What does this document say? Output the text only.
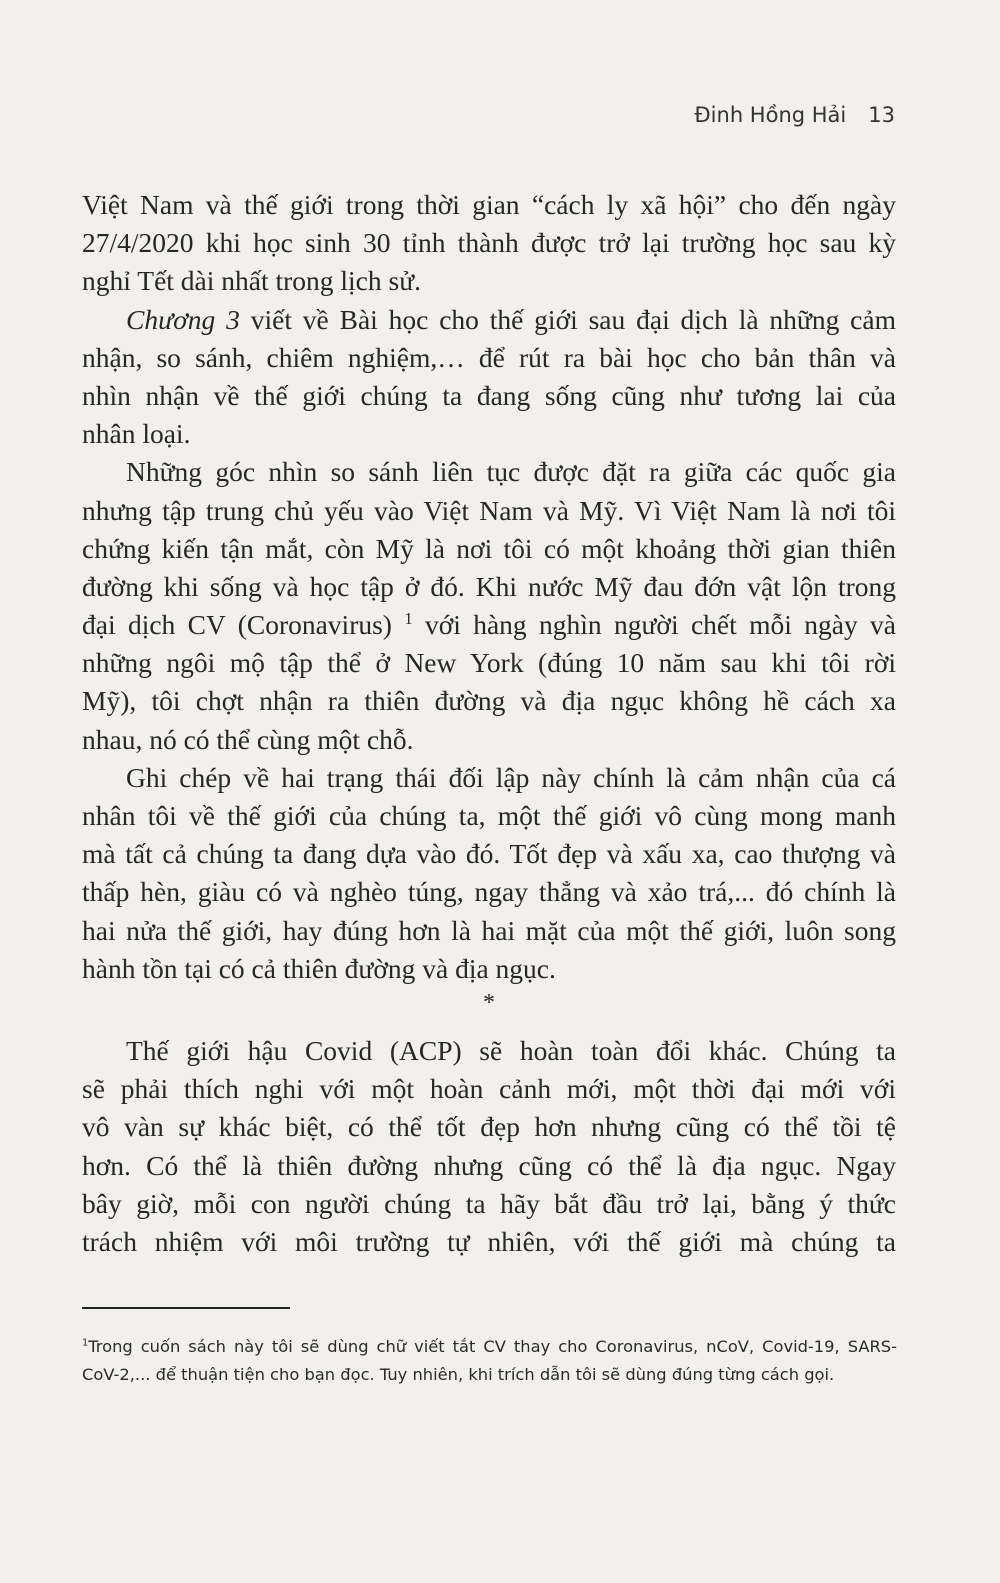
Đinh Hồng Hải 13
Việt Nam và thế giới trong thời gian “cách ly xã hội” cho đến ngày
27/4/2020 khi học sinh 30 tỉnh thành được trở lại trường học sau kỳ
nghỉ Tết dài nhất trong lịch sử.
Chương 3 viết về Bài học cho thế giới sau đại dịch là những cảm
nhận, so sánh, chiêm nghiệm,… để rút ra bài học cho bản thân và
nhìn nhận về thế giới chúng ta đang sống cũng như tương lai của
nhân loại.
Những góc nhìn so sánh liên tục được đặt ra giữa các quốc gia
nhưng tập trung chủ yếu vào Việt Nam và Mỹ. Vì Việt Nam là nơi tôi
chứng kiến tận mắt, còn Mỹ là nơi tôi có một khoảng thời gian thiên
đường khi sống và học tập ở đó. Khi nước Mỹ đau đớn vật lộn trong
đại dịch CV (Coronavirus) $^1$ với hàng nghìn người chết mỗi ngày và
những ngôi mộ tập thể ở New York (đúng 10 năm sau khi tôi rời
Mỹ), tôi chợt nhận ra thiên đường và địa ngục không hề cách xa
nhau, nó có thể cùng một chỗ.
Ghi chép về hai trạng thái đối lập này chính là cảm nhận của cá
nhân tôi về thế giới của chúng ta, một thế giới vô cùng mong manh
mà tất cả chúng ta đang dựa vào đó. Tốt đẹp và xấu xa, cao thượng và
thấp hèn, giàu có và nghèo túng, ngay thẳng và xảo trá,... đó chính là
hai nửa thế giới, hay đúng hơn là hai mặt của một thế giới, luôn song
hành tồn tại có cả thiên đường và địa ngục.
*
Thế giới hậu Covid (ACP) sẽ hoàn toàn đổi khác. Chúng ta
sẽ phải thích nghi với một hoàn cảnh mới, một thời đại mới với
vô vàn sự khác biệt, có thể tốt đẹp hơn nhưng cũng có thể tồi tệ
hơn. Có thể là thiên đường nhưng cũng có thể là địa ngục. Ngay
bây giờ, mỗi con người chúng ta hãy bắt đầu trở lại, bằng ý thức
trách nhiệm với môi trường tự nhiên, với thế giới mà chúng ta
$^1$Trong cuốn sách này tôi sẽ dùng chữ viết tắt CV thay cho Coronavirus, nCoV, Covid-19, SARS-
CoV-2,... để thuận tiện cho bạn đọc. Tuy nhiên, khi trích dẫn tôi sẽ dùng đúng từng cách gọi.
